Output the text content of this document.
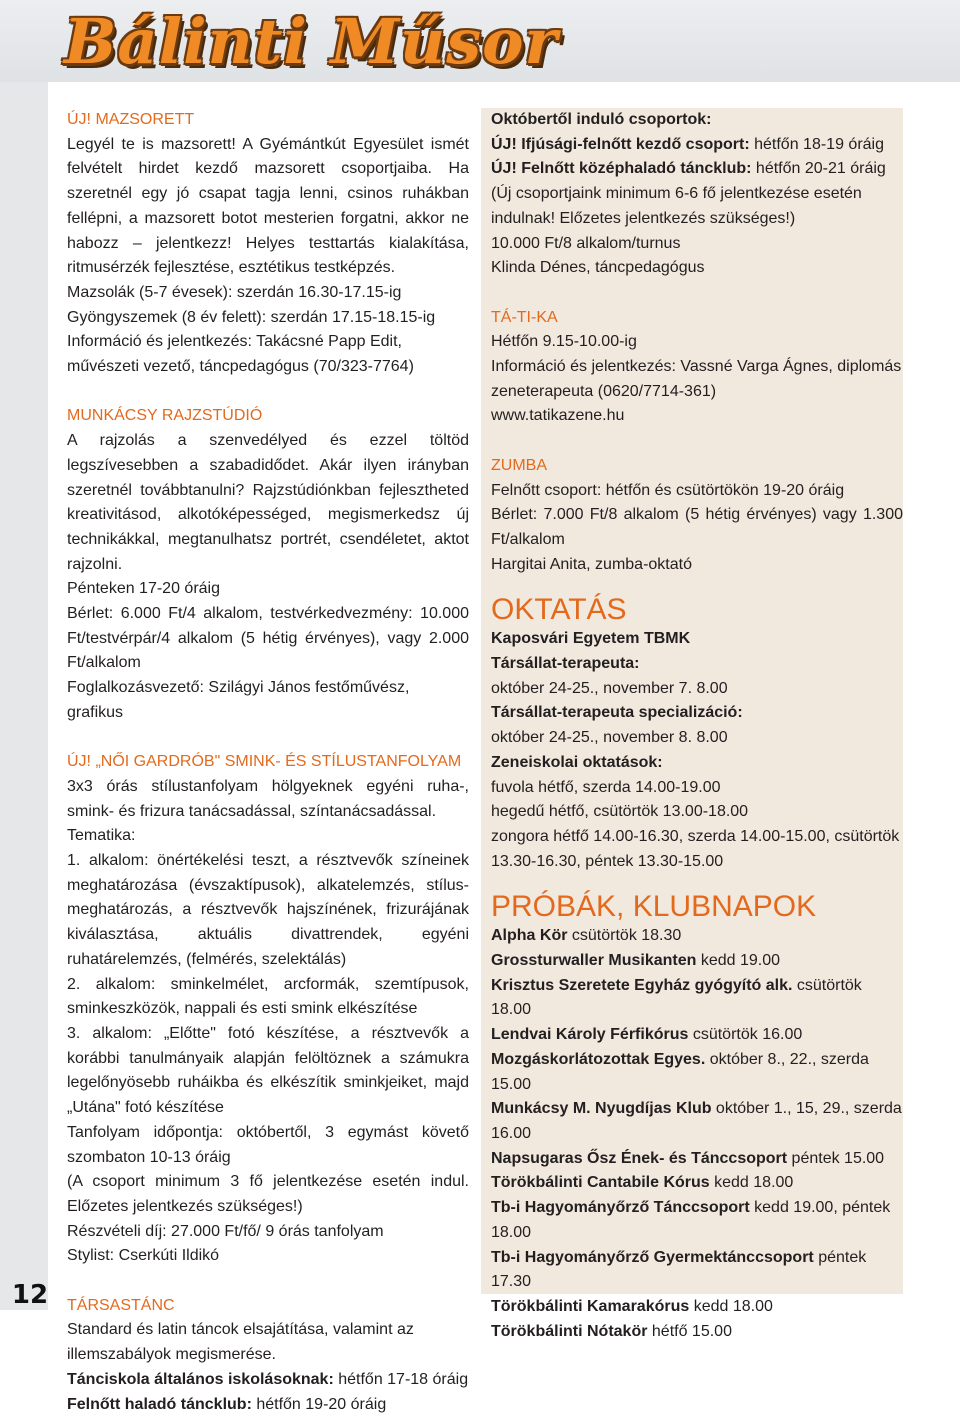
Bálinti Műsor
12

ÚJ! MAZSORETT

Legyél te is mazsorett! A Gyémántkút Egyesület ismét felvételt hirdet kezdő mazsorett csoportjaiba. Ha szeretnél egy jó csapat tagja lenni, csinos ruhákban fellépni, a mazsorett botot mesterien forgatni, akkor ne habozz – jelentkezz! Helyes testtartás kialakítása, ritmusérzék fejlesztése, esztétikus testképzés.

Mazsolák (5-7 évesek): szerdán 16.30-17.15-ig

Gyöngyszemek (8 év felett): szerdán 17.15-18.15-ig

Információ és jelentkezés: Takácsné Papp Edit, művészeti vezető, táncpedagógus (70/323-7764)

MUNKÁCSY RAJZSTÚDIÓ

A rajzolás a szenvedélyed és ezzel töltöd legszívesebben a szabadidődet. Akár ilyen irányban szeretnél továbbtanulni? Rajzstúdiónkban fejlesztheted kreativitásod, alkotóképességed, megismerkedsz új technikákkal, megtanulhatsz portrét, csendéletet, aktot rajzolni.

Pénteken 17-20 óráig

Bérlet: 6.000 Ft/4 alkalom, testvérkedvezmény: 10.000 Ft/testvérpár/4 alkalom (5 hétig érvényes), vagy 2.000 Ft/alkalom

Foglalkozásvezető: Szilágyi János festőművész, grafikus

ÚJ! „NŐI GARDRÓB" SMINK- ÉS STÍLUSTANFOLYAM

3x3 órás stílustanfolyam hölgyeknek egyéni ruha-, smink- és frizura tanácsadással, színtanácsadással.

Tematika:

1. alkalom: önértékelési teszt, a résztvevők színeinek meghatározása (évszaktípusok), alkatelemzés, stílus-meghatározás, a résztvevők hajszínének, frizurájának kiválasztása, aktuális divattrendek, egyéni ruhatárelemzés, (felmérés, szelektálás)

2. alkalom: sminkelmélet, arcformák, szemtípusok, sminkeszközök, nappali és esti smink elkészítése

3. alkalom: „Előtte" fotó készítése, a résztvevők a korábbi tanulmányaik alapján felöltöznek a számukra legelőnyösebb ruháikba és elkészítik sminkjeiket, majd „Utána" fotó készítése

Tanfolyam időpontja: októbertől, 3 egymást követő szombaton 10-13 óráig

(A csoport minimum 3 fő jelentkezése esetén indul. Előzetes jelentkezés szükséges!)

Részvételi díj: 27.000 Ft/fő/ 9 órás tanfolyam

Stylist: Cserkúti Ildikó

TÁRSASTÁNC

Standard és latin táncok elsajátítása, valamint az illemszabályok megismerése.

Tánciskola általános iskolásoknak: hétfőn 17-18 óráig

Felnőtt haladó táncklub: hétfőn 19-20 óráig

Októbertől induló csoportok:

ÚJ! Ifjúsági-felnőtt kezdő csoport: hétfőn 18-19 óráig

ÚJ! Felnőtt középhaladó táncklub: hétfőn 20-21 óráig

(Új csoportjaink minimum 6-6 fő jelentkezése esetén indulnak! Előzetes jelentkezés szükséges!)

10.000 Ft/8 alkalom/turnus

Klinda Dénes, táncpedagógus

TÁ-TI-KA

Hétfőn 9.15-10.00-ig

Információ és jelentkezés: Vassné Varga Ágnes, diplomás zeneterapeuta (0620/7714-361)

www.tatikazene.hu

ZUMBA

Felnőtt csoport: hétfőn és csütörtökön 19-20 óráig

Bérlet: 7.000 Ft/8 alkalom (5 hétig érvényes) vagy 1.300 Ft/alkalom

Hargitai Anita, zumba-oktató

OKTATÁS

Kaposvári Egyetem TBMK

Társállat-terapeuta:

október 24-25., november 7. 8.00

Társállat-terapeuta specializáció:

október 24-25., november 8. 8.00

Zeneiskolai oktatások:

fuvola hétfő, szerda 14.00-19.00

hegedű hétfő, csütörtök 13.00-18.00

zongora hétfő 14.00-16.30, szerda 14.00-15.00, csütörtök 13.30-16.30, péntek 13.30-15.00

PRÓBÁK, KLUBNAPOK

Alpha Kör csütörtök 18.30

Grossturwaller Musikanten kedd 19.00

Krisztus Szeretete Egyház gyógyító alk. csütörtök 18.00

Lendvai Károly Férfikórus csütörtök 16.00

Mozgáskorlátozottak Egyes. október 8., 22., szerda 15.00

Munkácsy M. Nyugdíjas Klub október 1., 15, 29., szerda 16.00

Napsugaras Ősz Ének- és Tánccsoport péntek 15.00

Törökbálinti Cantabile Kórus kedd 18.00

Tb-i Hagyományőrző Tánccsoport kedd 19.00, péntek 18.00

Tb-i Hagyományőrző Gyermektánccsoport péntek 17.30

Törökbálinti Kamarakórus kedd 18.00

Törökbálinti Nótakör hétfő 15.00
